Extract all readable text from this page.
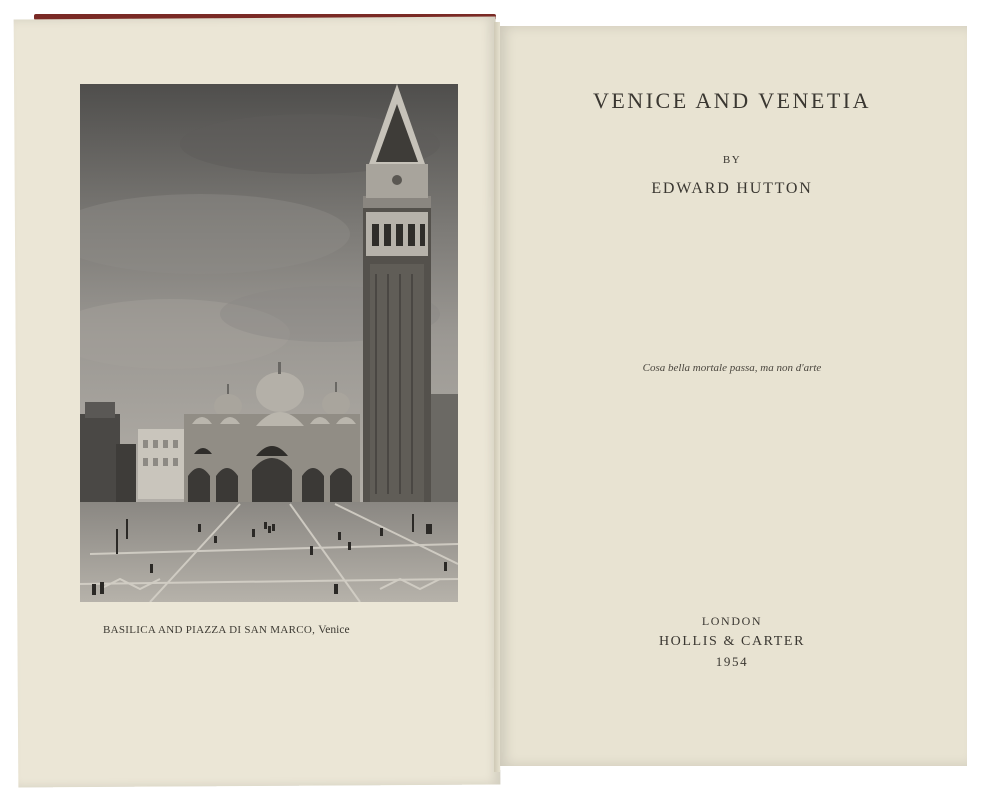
BASILICA AND PIAZZA DI SAN MARCO, Venice
VENICE AND VENETIA
BY
EDWARD HUTTON
Cosa bella mortale passa, ma non d'arte
LONDON
HOLLIS & CARTER
1954
